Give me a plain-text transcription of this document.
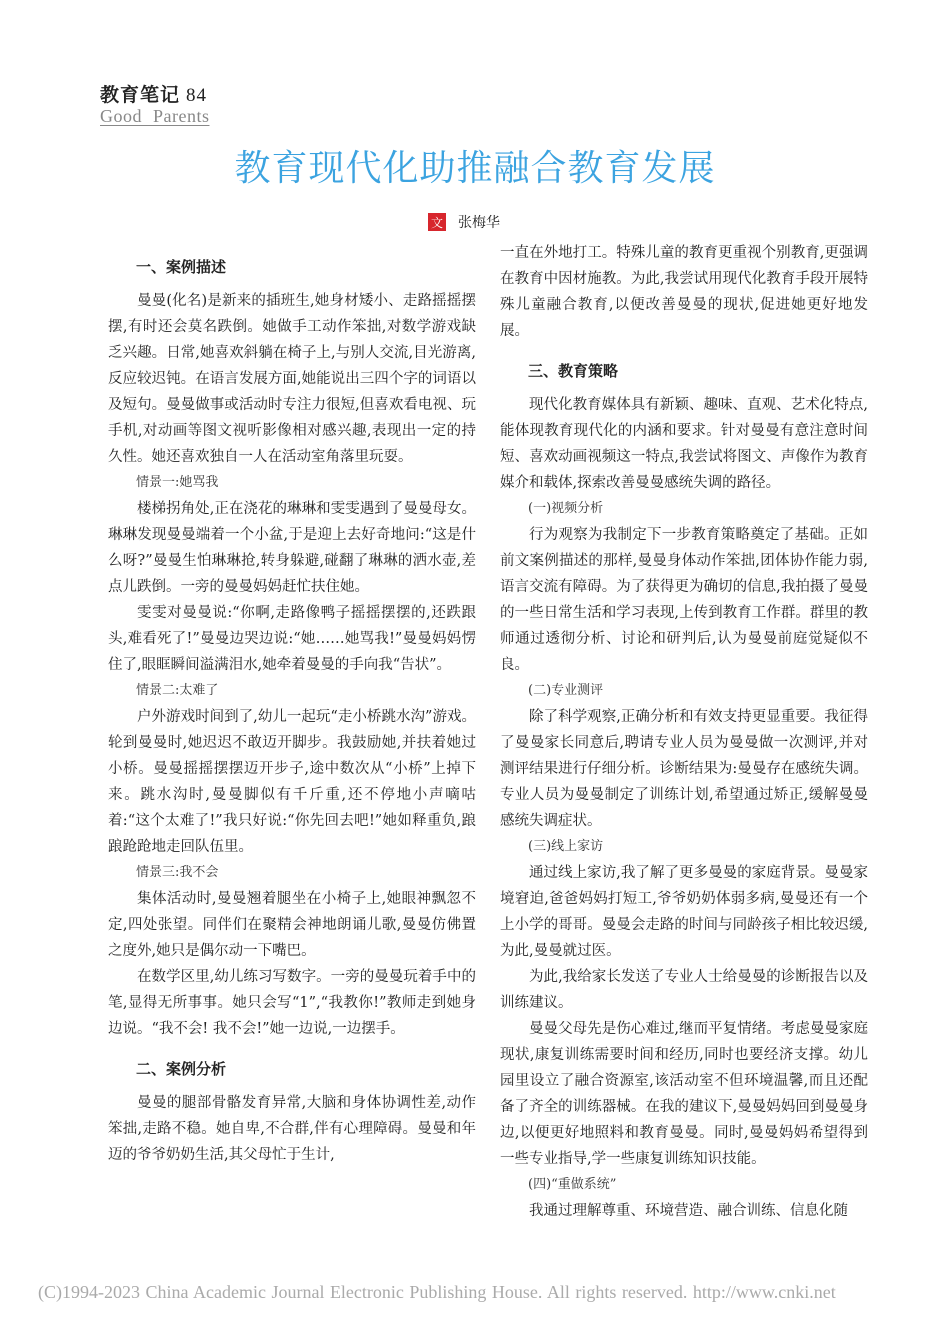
教育笔记 84
Good Parents
教育现代化助推融合教育发展
文 张梅华
一、案例描述

曼曼(化名)是新来的插班生,她身材矮小、走路摇摇摆摆,有时还会莫名跌倒。她做手工动作笨拙,对数学游戏缺乏兴趣。日常,她喜欢斜躺在椅子上,与别人交流,目光游离,反应较迟钝。在语言发展方面,她能说出三四个字的词语以及短句。曼曼做事或活动时专注力很短,但喜欢看电视、玩手机,对动画等图文视听影像相对感兴趣,表现出一定的持久性。她还喜欢独自一人在活动室角落里玩耍。

情景一:她骂我

楼梯拐角处,正在浇花的琳琳和雯雯遇到了曼曼母女。琳琳发现曼曼端着一个小盆,于是迎上去好奇地问:“这是什么呀?”曼曼生怕琳琳抢,转身躲避,碰翻了琳琳的洒水壶,差点儿跌倒。一旁的曼曼妈妈赶忙扶住她。

雯雯对曼曼说:“你啊,走路像鸭子摇摇摆摆的,还跌跟头,难看死了!”曼曼边哭边说:“她……她骂我!”曼曼妈妈愣住了,眼眶瞬间溢满泪水,她牵着曼曼的手向我“告状”。

情景二:太难了

户外游戏时间到了,幼儿一起玩“走小桥跳水沟”游戏。轮到曼曼时,她迟迟不敢迈开脚步。我鼓励她,并扶着她过小桥。曼曼摇摇摆摆迈开步子,途中数次从“小桥”上掉下来。跳水沟时,曼曼脚似有千斤重,还不停地小声嘀咕着:“这个太难了!”我只好说:“你先回去吧!”她如释重负,踉踉跄跄地走回队伍里。

情景三:我不会

集体活动时,曼曼翘着腿坐在小椅子上,她眼神飘忽不定,四处张望。同伴们在聚精会神地朗诵儿歌,曼曼仿佛置之度外,她只是偶尔动一下嘴巴。

在数学区里,幼儿练习写数字。一旁的曼曼玩着手中的笔,显得无所事事。她只会写“1”,“我教你!”教师走到她身边说。“我不会! 我不会!”她一边说,一边摆手。

二、案例分析

曼曼的腿部骨骼发育异常,大脑和身体协调性差,动作笨拙,走路不稳。她自卑,不合群,伴有心理障碍。曼曼和年迈的爷爷奶奶生活,其父母忙于生计,

一直在外地打工。特殊儿童的教育更重视个别教育,更强调在教育中因材施教。为此,我尝试用现代化教育手段开展特殊儿童融合教育,以便改善曼曼的现状,促进她更好地发展。

三、教育策略

现代化教育媒体具有新颖、趣味、直观、艺术化特点,能体现教育现代化的内涵和要求。针对曼曼有意注意时间短、喜欢动画视频这一特点,我尝试将图文、声像作为教育媒介和载体,探索改善曼曼感统失调的路径。

(一)视频分析

行为观察为我制定下一步教育策略奠定了基础。正如前文案例描述的那样,曼曼身体动作笨拙,团体协作能力弱,语言交流有障碍。为了获得更为确切的信息,我拍摄了曼曼的一些日常生活和学习表现,上传到教育工作群。群里的教师通过透彻分析、讨论和研判后,认为曼曼前庭觉疑似不良。

(二)专业测评

除了科学观察,正确分析和有效支持更显重要。我征得了曼曼家长同意后,聘请专业人员为曼曼做一次测评,并对测评结果进行仔细分析。诊断结果为:曼曼存在感统失调。专业人员为曼曼制定了训练计划,希望通过矫正,缓解曼曼感统失调症状。

(三)线上家访

通过线上家访,我了解了更多曼曼的家庭背景。曼曼家境窘迫,爸爸妈妈打短工,爷爷奶奶体弱多病,曼曼还有一个上小学的哥哥。曼曼会走路的时间与同龄孩子相比较迟缓,为此,曼曼就过医。

为此,我给家长发送了专业人士给曼曼的诊断报告以及训练建议。

曼曼父母先是伤心难过,继而平复情绪。考虑曼曼家庭现状,康复训练需要时间和经历,同时也要经济支撑。幼儿园里设立了融合资源室,该活动室不但环境温馨,而且还配备了齐全的训练器械。在我的建议下,曼曼妈妈回到曼曼身边,以便更好地照料和教育曼曼。同时,曼曼妈妈希望得到一些专业指导,学一些康复训练知识技能。

(四)“重做系统”

我通过理解尊重、环境营造、融合训练、信息化随

(C)1994-2023 China Academic Journal Electronic Publishing House. All rights reserved. http://www.cnki.net
